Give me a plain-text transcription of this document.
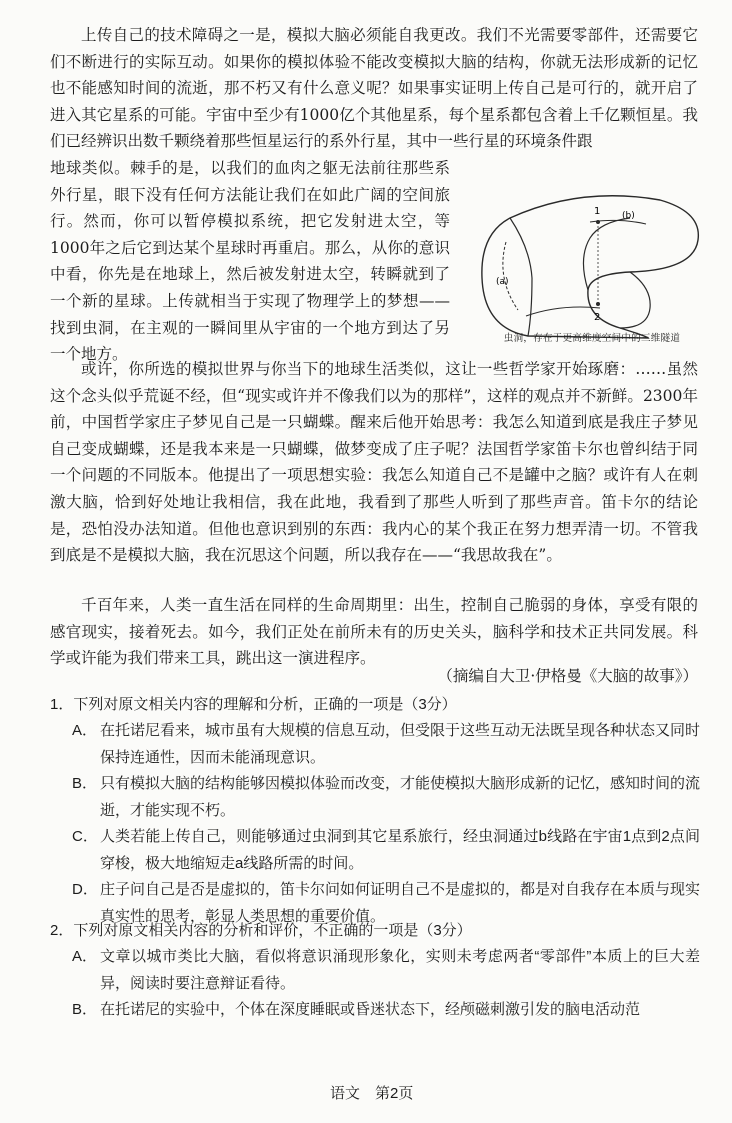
上传自己的技术障碍之一是，模拟大脑必须能自我更改。我们不光需要零部件，还需要它们不断进行的实际互动。如果你的模拟体验不能改变模拟大脑的结构，你就无法形成新的记忆也不能感知时间的流逝，那不朽又有什么意义呢？如果事实证明上传自己是可行的，就开启了进入其它星系的可能。宇宙中至少有1000亿个其他星系，每个星系都包含着上千亿颗恒星。我们已经辨识出数千颗绕着那些恒星运行的系外行星，其中一些行星的环境条件跟

地球类似。棘手的是，以我们的血肉之躯无法前往那些系外行星，眼下没有任何方法能让我们在如此广阔的空间旅行。然而，你可以暂停模拟系统，把它发射进太空，等1000年之后它到达某个星球时再重启。那么，从你的意识中看，你先是在地球上，然后被发射进太空，转瞬就到了一个新的星球。上传就相当于实现了物理学上的梦想——找到虫洞，在主观的一瞬间里从宇宙的一个地方到达了另一个地方。

1
2
(b)
(a)
虫洞，存在于更高维度空间中的三维隧道

或许，你所选的模拟世界与你当下的地球生活类似，这让一些哲学家开始琢磨：……虽然这个念头似乎荒诞不经，但“现实或许并不像我们以为的那样”，这样的观点并不新鲜。2300年前，中国哲学家庄子梦见自己是一只蝴蝶。醒来后他开始思考：我怎么知道到底是我庄子梦见自己变成蝴蝶，还是我本来是一只蝴蝶，做梦变成了庄子呢？法国哲学家笛卡尔也曾纠结于同一个问题的不同版本。他提出了一项思想实验：我怎么知道自己不是罐中之脑？或许有人在刺激大脑，恰到好处地让我相信，我在此地，我看到了那些人听到了那些声音。笛卡尔的结论是，恐怕没办法知道。但他也意识到别的东西：我内心的某个我正在努力想弄清一切。不管我到底是不是模拟大脑，我在沉思这个问题，所以我存在——“我思故我在”。

千百年来，人类一直生活在同样的生命周期里：出生，控制自己脆弱的身体，享受有限的感官现实，接着死去。如今，我们正处在前所未有的历史关头，脑科学和技术正共同发展。科学或许能为我们带来工具，跳出这一演进程序。

（摘编自大卫·伊格曼《大脑的故事》）

1．下列对原文相关内容的理解和分析，正确的一项是（3分）

A． 在托诺尼看来，城市虽有大规模的信息互动，但受限于这些互动无法既呈现各种状态又同时保持连通性，因而未能涌现意识。

B． 只有模拟大脑的结构能够因模拟体验而改变，才能使模拟大脑形成新的记忆，感知时间的流逝，才能实现不朽。

C． 人类若能上传自己，则能够通过虫洞到其它星系旅行，经虫洞通过b线路在宇宙1点到2点间穿梭，极大地缩短走a线路所需的时间。

D． 庄子问自己是否是虚拟的，笛卡尔问如何证明自己不是虚拟的，都是对自我存在本质与现实真实性的思考，彰显人类思想的重要价值。

2．下列对原文相关内容的分析和评价，不正确的一项是（3分）

A． 文章以城市类比大脑，看似将意识涌现形象化，实则未考虑两者“零部件”本质上的巨大差异，阅读时要注意辩证看待。

B． 在托诺尼的实验中，个体在深度睡眠或昏迷状态下，经颅磁刺激引发的脑电活动范

语文　第2页
